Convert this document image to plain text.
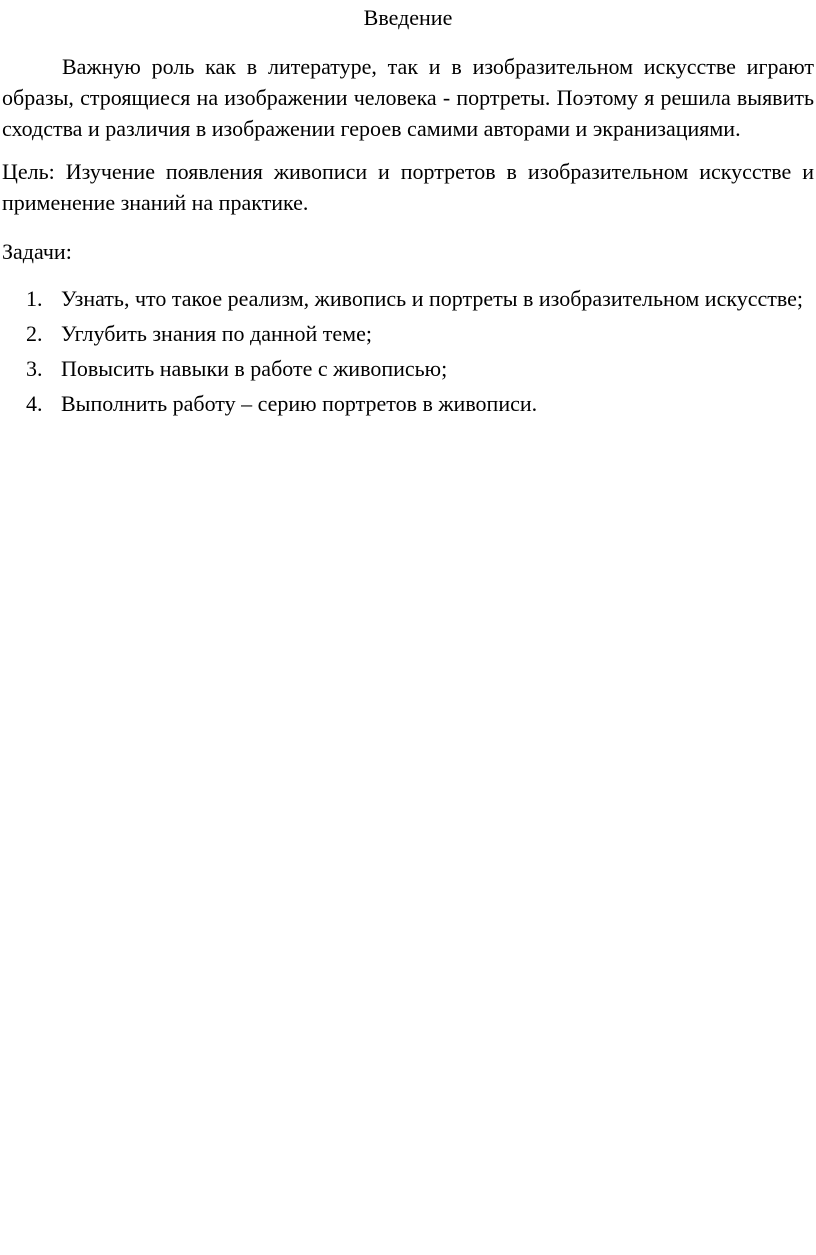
Введение

Важную роль как в литературе, так и в изобразительном искусстве играют образы, строящиеся на изображении человека - портреты. Поэтому я решила выявить сходства и различия в изображении героев самими авторами и экранизациями.

Цель: Изучение появления живописи и портретов в изобразительном искусстве и применение знаний на практике.

Задачи:

1. Узнать, что такое реализм, живопись и портреты в изобразительном искусстве;
2. Углубить знания по данной теме;
3. Повысить навыки в работе с живописью;
4. Выполнить работу – серию портретов в живописи.
